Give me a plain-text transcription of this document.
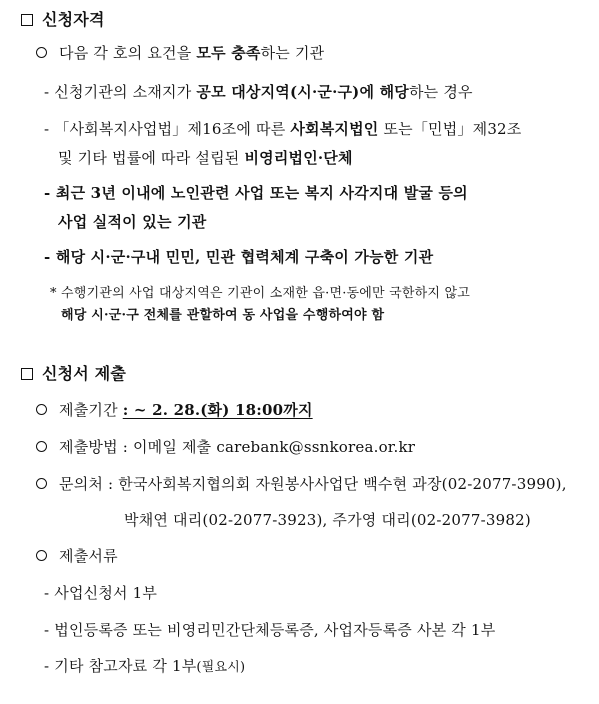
신청자격
다음 각 호의 요건을 모두 충족하는 기관
- 신청기관의 소재지가 공모 대상지역(시·군·구)에 해당하는 경우
- 「사회복지사업법」제16조에 따른 사회복지법인 또는「민법」제32조
및 기타 법률에 따라 설립된 비영리법인·단체
- 최근 3년 이내에 노인관련 사업 또는 복지 사각지대 발굴 등의
사업 실적이 있는 기관
- 해당 시·군·구내 민민, 민관 협력체계 구축이 가능한 기관
* 수행기관의 사업 대상지역은 기관이 소재한 읍·면·동에만 국한하지 않고
해당 시·군·구 전체를 관할하여 동 사업을 수행하여야 함
신청서 제출
제출기간 : ~ 2. 28.(화) 18:00까지
제출방법 : 이메일 제출 carebank@ssnkorea.or.kr
문의처 : 한국사회복지협의회 자원봉사사업단 백수현 과장(02-2077-3990),
박채연 대리(02-2077-3923), 주가영 대리(02-2077-3982)
제출서류
- 사업신청서 1부
- 법인등록증 또는 비영리민간단체등록증, 사업자등록증 사본 각 1부
- 기타 참고자료 각 1부(필요시)
